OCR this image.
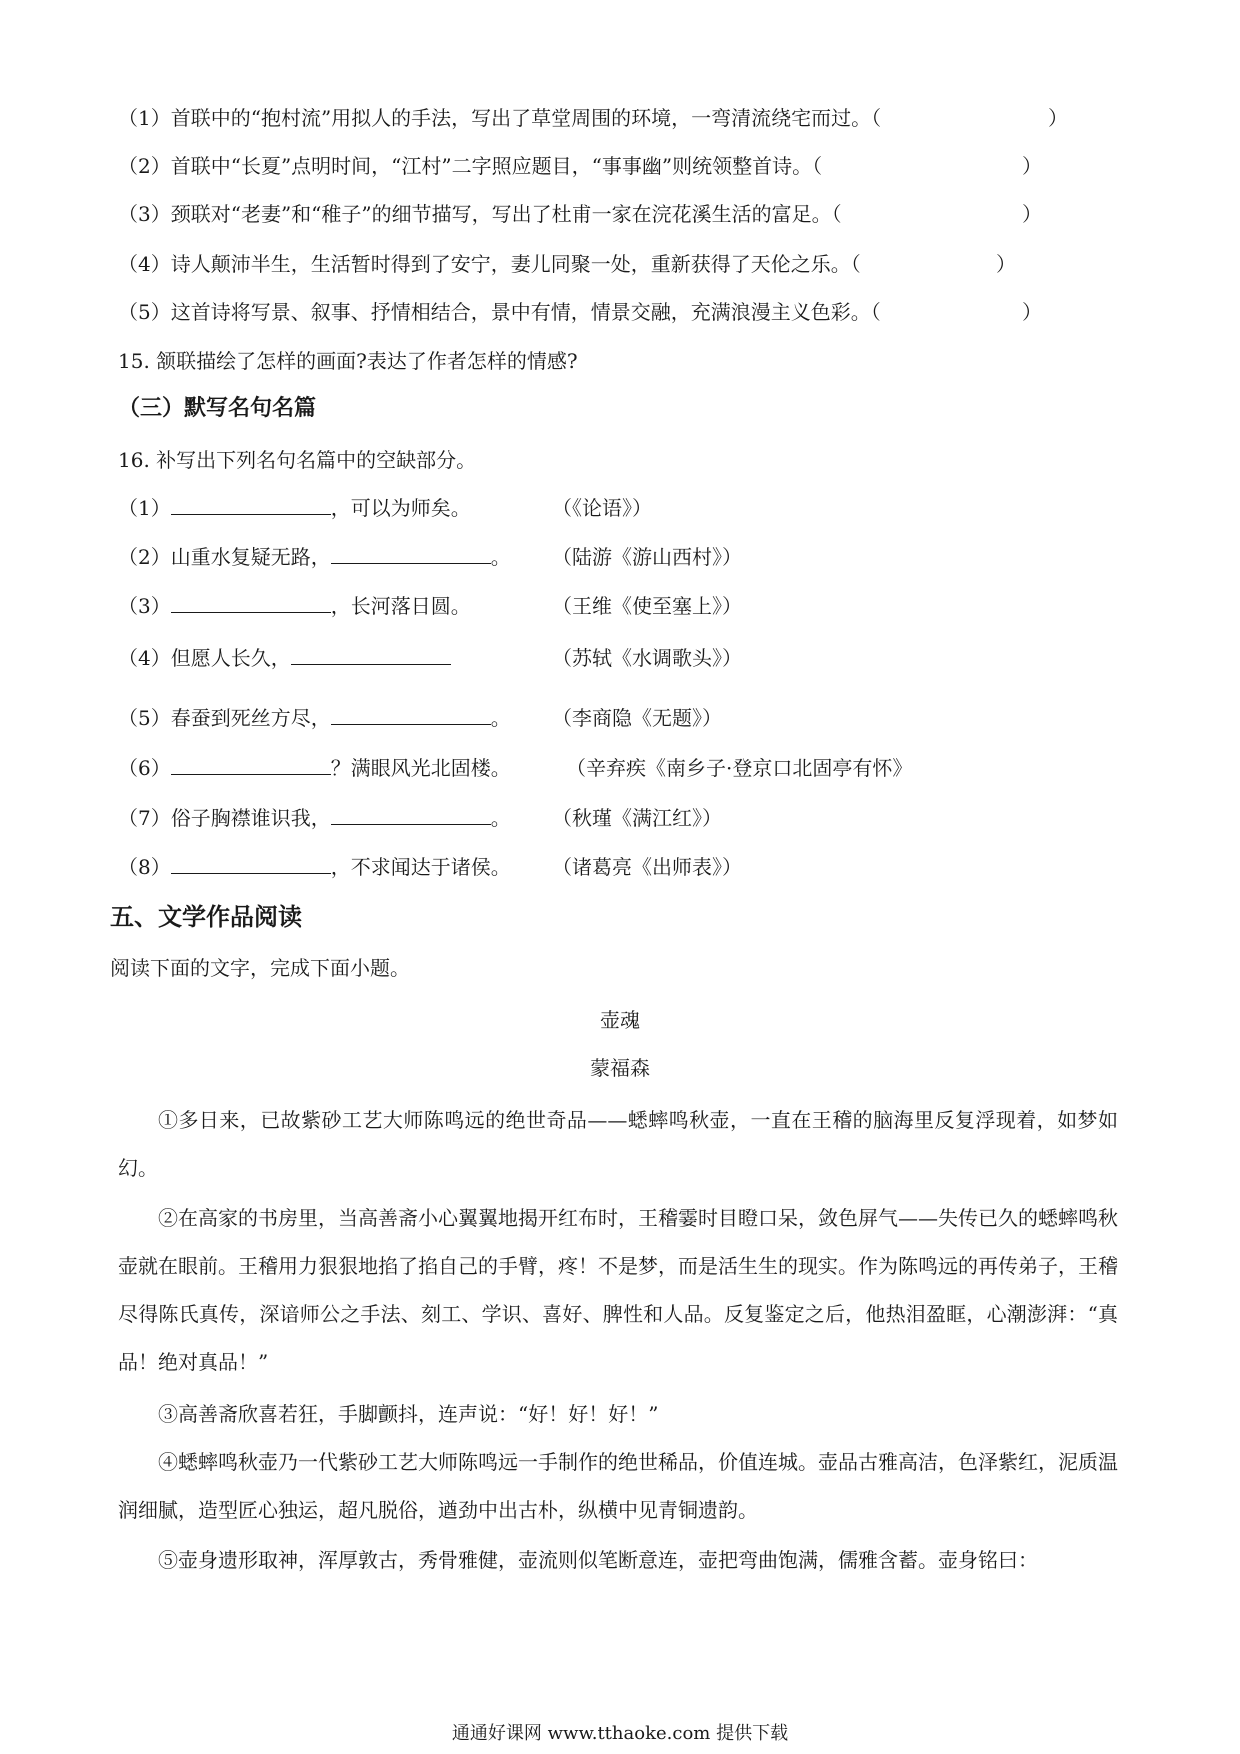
（1）首联中的“抱村流”用拟人的手法，写出了草堂周围的环境，一弯清流绕宅而过。（	）
（2）首联中“长夏”点明时间，“江村”二字照应题目，“事事幽”则统领整首诗。（	）
（3）颈联对“老妻”和“稚子”的细节描写，写出了杜甫一家在浣花溪生活的富足。（	）
（4）诗人颠沛半生，生活暂时得到了安宁，妻儿同聚一处，重新获得了天伦之乐。（	）
（5）这首诗将写景、叙事、抒情相结合，景中有情，情景交融，充满浪漫主义色彩。（	）
15. 颔联描绘了怎样的画面?表达了作者怎样的情感?
（三）默写名句名篇
16. 补写出下列名句名篇中的空缺部分。
（1）	，可以为师矣。	（《论语》）
（2）山重水复疑无路，	。 （陆游《游山西村》）
（3）	，长河落日圆。	（王维《使至塞上》）
（4）但愿人长久，	（苏轼《水调歌头》）
（5）春蚕到死丝方尽，	。 （李商隐《无题》）
（6）	？满眼风光北固楼。	（辛弃疾《南乡子·登京口北固亭有怀》
（7）俗子胸襟谁识我，	。 （秋瑾《满江红》）
（8）	，不求闻达于诸侯。 （诸葛亮《出师表》）
五、文学作品阅读
阅读下面的文字，完成下面小题。
壶魂
蒙福森
①多日来，已故紫砂工艺大师陈鸣远的绝世奇品——蟋蟀鸣秋壶，一直在王稽的脑海里反复浮现着，如梦如幻。
②在高家的书房里，当高善斋小心翼翼地揭开红布时，王稽霎时目瞪口呆，敛色屏气——失传已久的蟋蟀鸣秋壶就在眼前。王稽用力狠狠地掐了掐自己的手臂，疼！不是梦，而是活生生的现实。作为陈鸣远的再传弟子，王稽尽得陈氏真传，深谙师公之手法、刻工、学识、喜好、脾性和人品。反复鉴定之后，他热泪盈眶，心潮澎湃：“真品！绝对真品！”
③高善斋欣喜若狂，手脚颤抖，连声说：“好！好！好！”
④蟋蟀鸣秋壶乃一代紫砂工艺大师陈鸣远一手制作的绝世稀品，价值连城。壶品古雅高洁，色泽紫红，泥质温润细腻，造型匠心独运，超凡脱俗，遒劲中出古朴，纵横中见青铜遗韵。
⑤壶身遗形取神，浑厚敦古，秀骨雅健，壶流则似笔断意连，壶把弯曲饱满，儒雅含蓄。壶身铭曰：
通通好课网 www.tthaoke.com 提供下载
